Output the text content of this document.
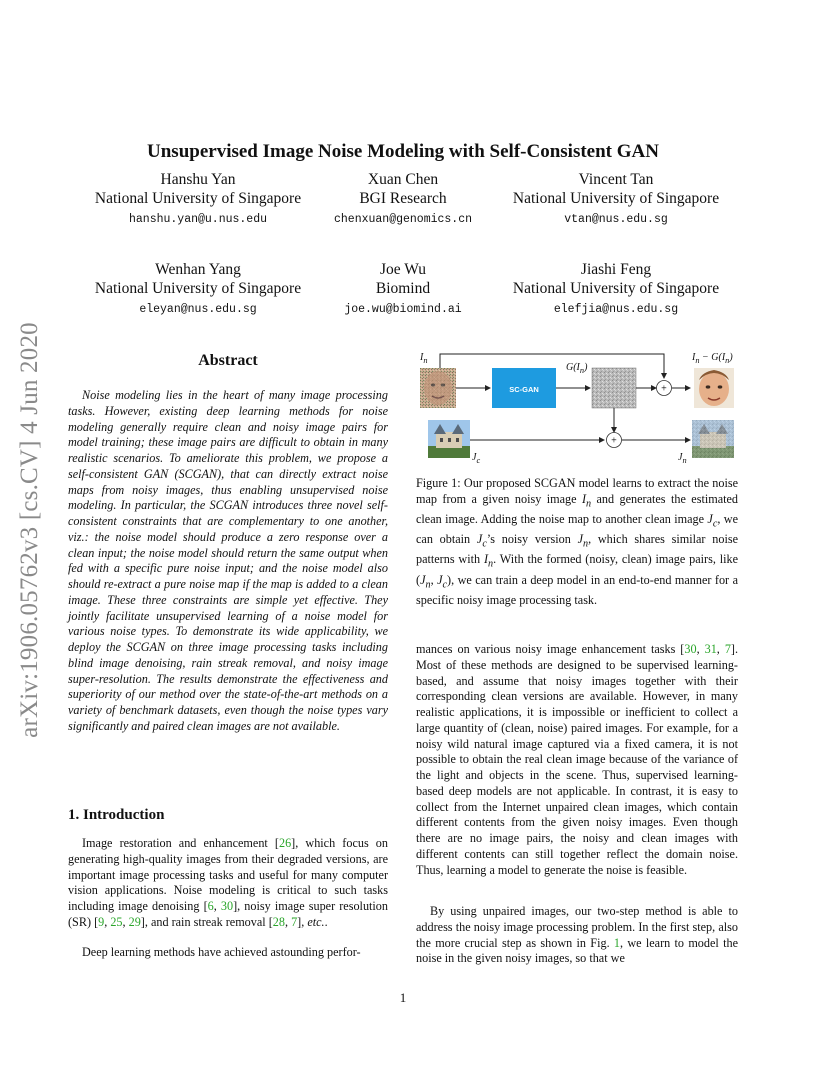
arXiv:1906.05762v3 [cs.CV] 4 Jun 2020
Unsupervised Image Noise Modeling with Self-Consistent GAN
Hanshu Yan
National University of Singapore
hanshu.yan@u.nus.edu
Xuan Chen
BGI Research
chenxuan@genomics.cn
Vincent Tan
National University of Singapore
vtan@nus.edu.sg
Wenhan Yang
National University of Singapore
eleyan@nus.edu.sg
Joe Wu
Biomind
joe.wu@biomind.ai
Jiashi Feng
National University of Singapore
elefjia@nus.edu.sg
Abstract
Noise modeling lies in the heart of many image processing tasks. However, existing deep learning methods for noise modeling generally require clean and noisy image pairs for model training; these image pairs are difficult to obtain in many realistic scenarios. To ameliorate this problem, we propose a self-consistent GAN (SCGAN), that can directly extract noise maps from noisy images, thus enabling unsupervised noise modeling. In particular, the SCGAN introduces three novel self-consistent constraints that are complementary to one another, viz.: the noise model should produce a zero response over a clean input; the noise model should return the same output when fed with a specific pure noise input; and the noise model also should re-extract a pure noise map if the map is added to a clean image. These three constraints are simple yet effective. They jointly facilitate unsupervised learning of a noise model for various noise types. To demonstrate its wide applicability, we deploy the SCGAN on three image processing tasks including blind image denoising, rain streak removal, and noisy image super-resolution. The results demonstrate the effectiveness and superiority of our method over the state-of-the-art methods on a variety of benchmark datasets, even though the noise types vary significantly and paired clean images are not available.
1. Introduction
Image restoration and enhancement [26], which focus on generating high-quality images from their degraded versions, are important image processing tasks and useful for many computer vision applications. Noise modeling is critical to such tasks including image denoising [6, 30], noisy image super resolution (SR) [9, 25, 29], and rain streak removal [28, 7], etc..
Deep learning methods have achieved astounding perfor-
SC-GAN	+
+
$I_n$
$G(I_n)$
$I_n - G(I_n)$
$J_c$	$J_n$
Figure 1: Our proposed SCGAN model learns to extract the noise map from a given noisy image $I_n$ and generates the estimated clean image. Adding the noise map to another clean image $J_c$, we can obtain $J_c’s$ noisy version $J_n$, which shares similar noise patterns with $I_n$. With the formed (noisy, clean) image pairs, like ($J_n$, $J_c$), we can train a deep model in an end-to-end manner for a specific noisy image processing task.
mances on various noisy image enhancement tasks [30, 31, 7]. Most of these methods are designed to be supervised learning-based, and assume that noisy images together with their corresponding clean versions are available. However, in many realistic applications, it is impossible or inefficient to collect a large quantity of (clean, noise) paired images. For example, for a noisy wild natural image captured via a fixed camera, it is not possible to obtain the real clean image because of the variance of the light and objects in the scene. Thus, supervised learning-based deep models are not applicable. In contrast, it is easy to collect from the Internet unpaired clean images, which contain different contents from the given noisy images. Even though there are no image pairs, the noisy and clean images with different contents can still together reflect the domain noise. Thus, learning a model to generate the noise is feasible.
By using unpaired images, our two-step method is able to address the noisy image processing problem. In the first step, also the more crucial step as shown in Fig. 1, we learn to model the noise in the given noisy images, so that we
1
